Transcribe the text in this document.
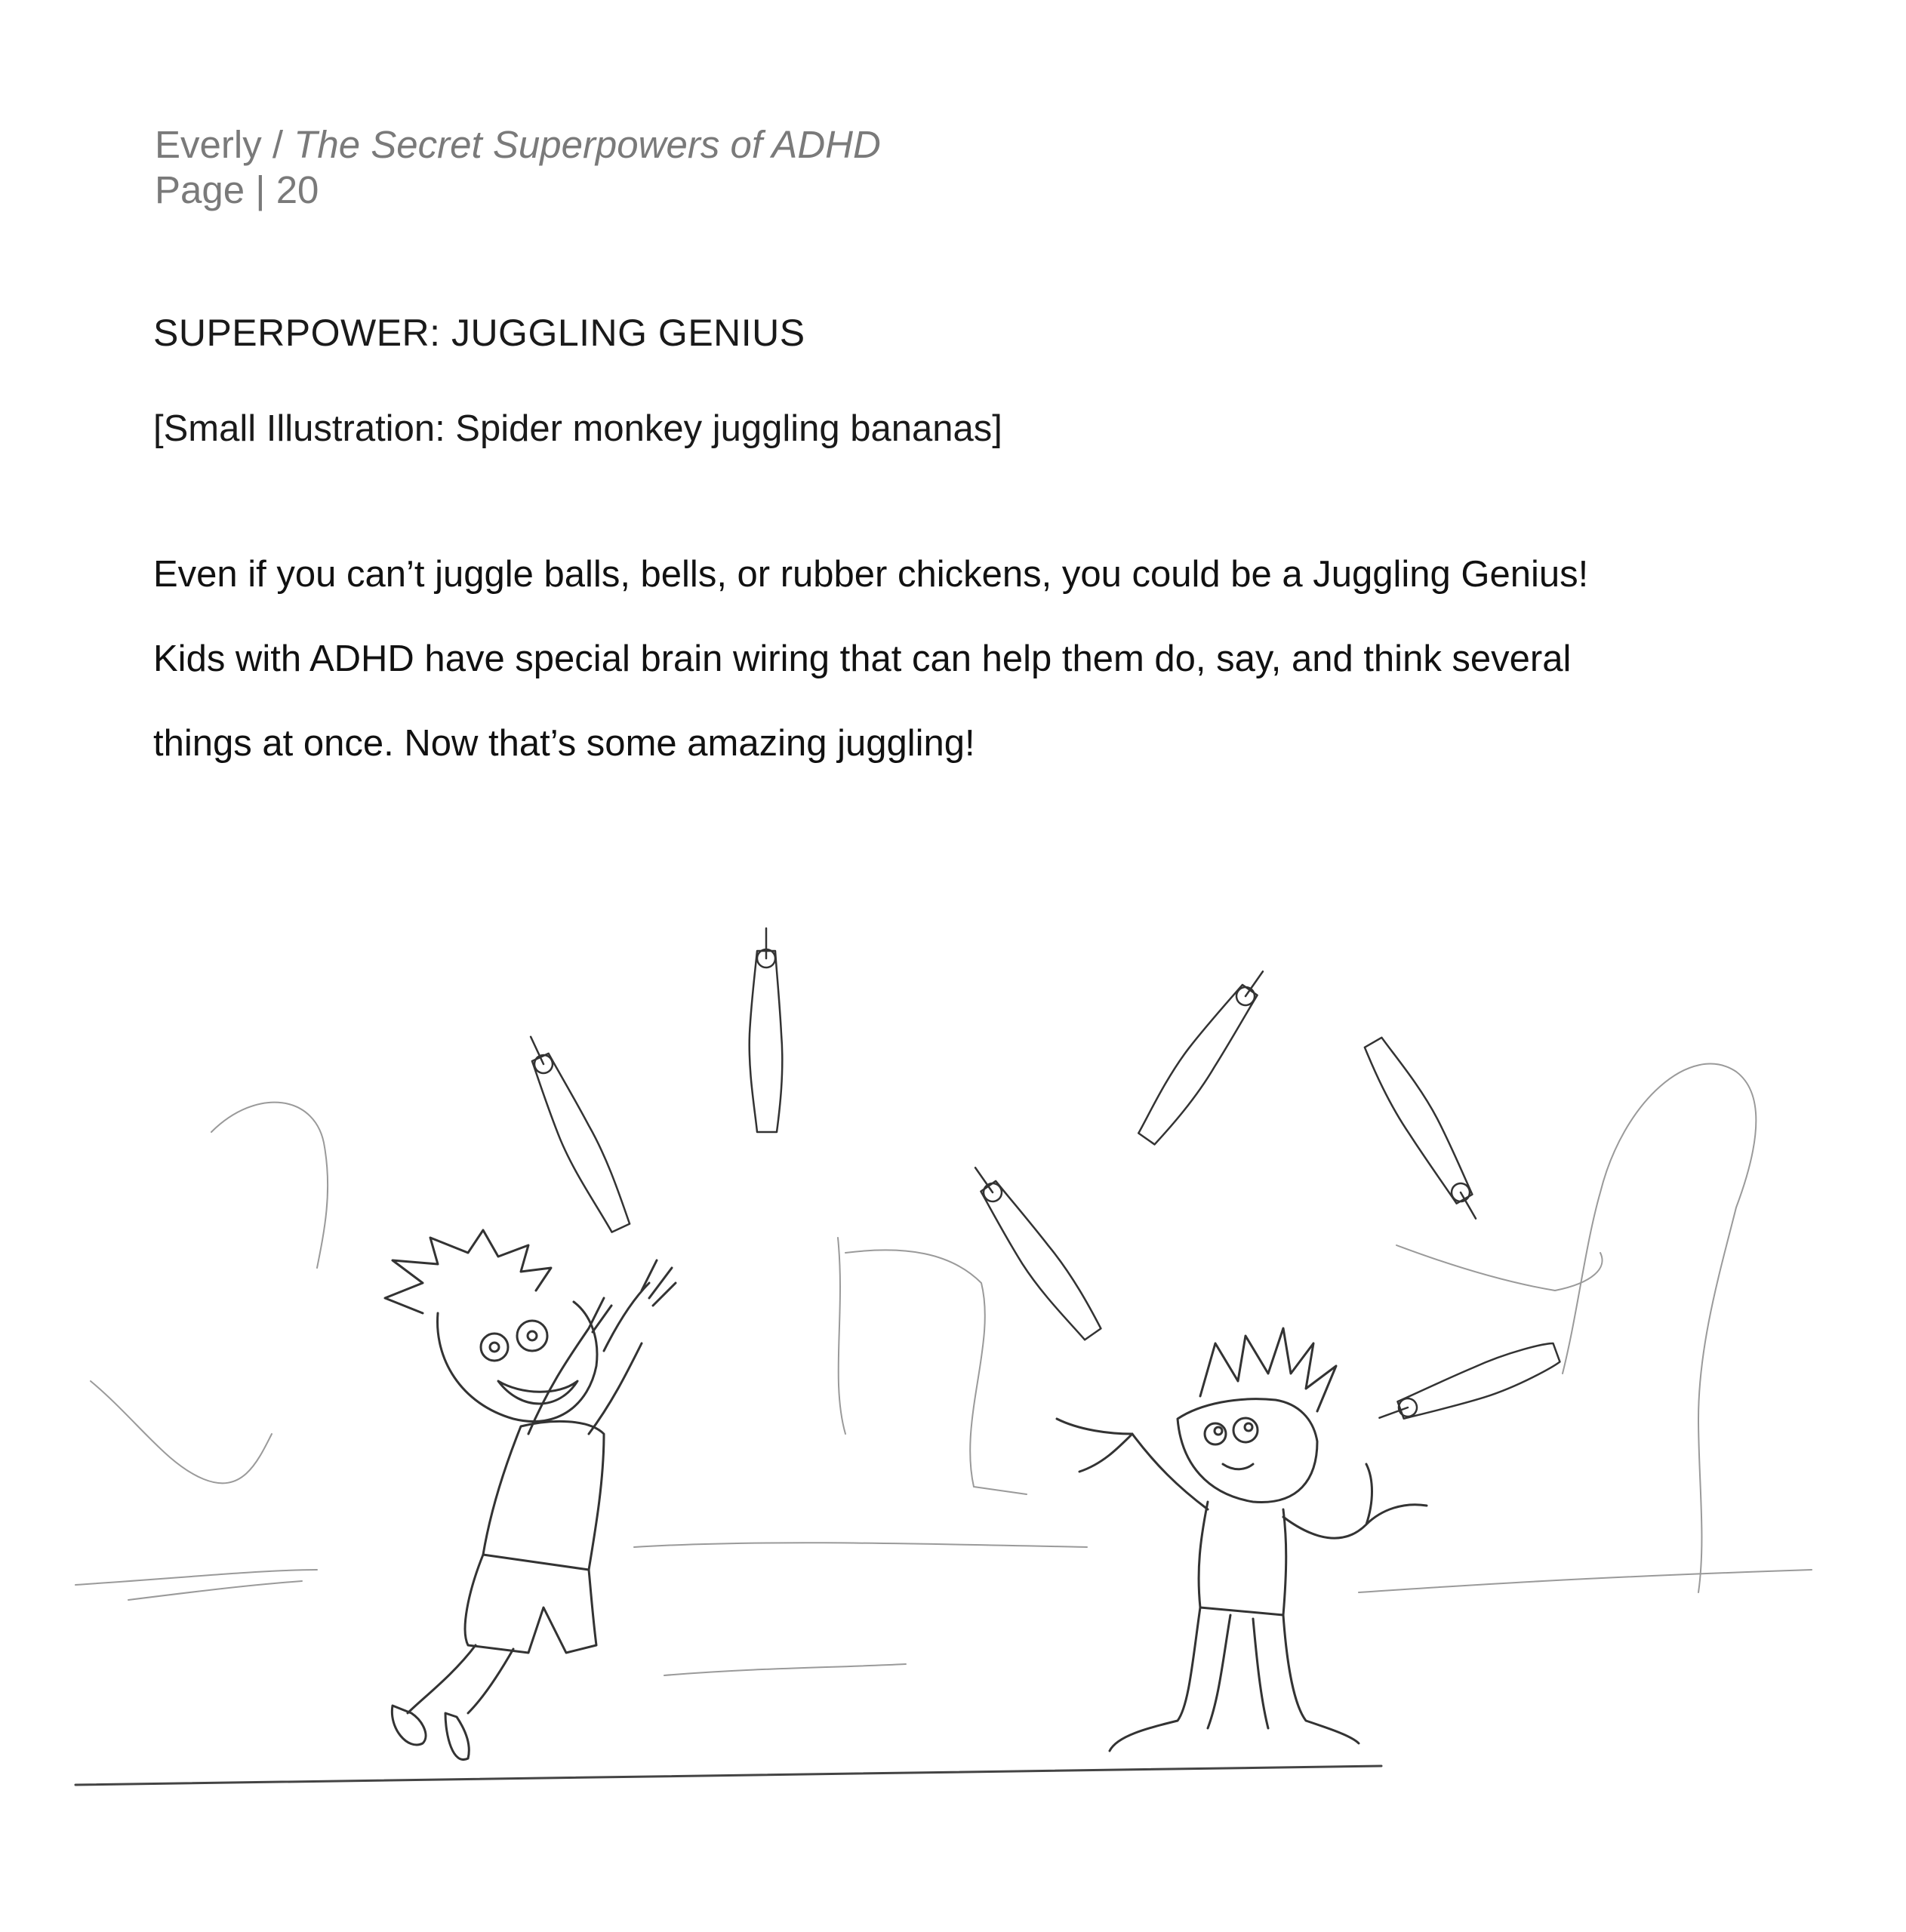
Everly / The Secret Superpowers of ADHD
Page | 20
SUPERPOWER: JUGGLING GENIUS
[Small Illustration: Spider monkey juggling bananas]

Even if you can’t juggle balls, bells, or rubber chickens, you could be a Juggling Genius!

Kids with ADHD have special brain wiring that can help them do, say, and think several

things at once. Now that’s some amazing juggling!
